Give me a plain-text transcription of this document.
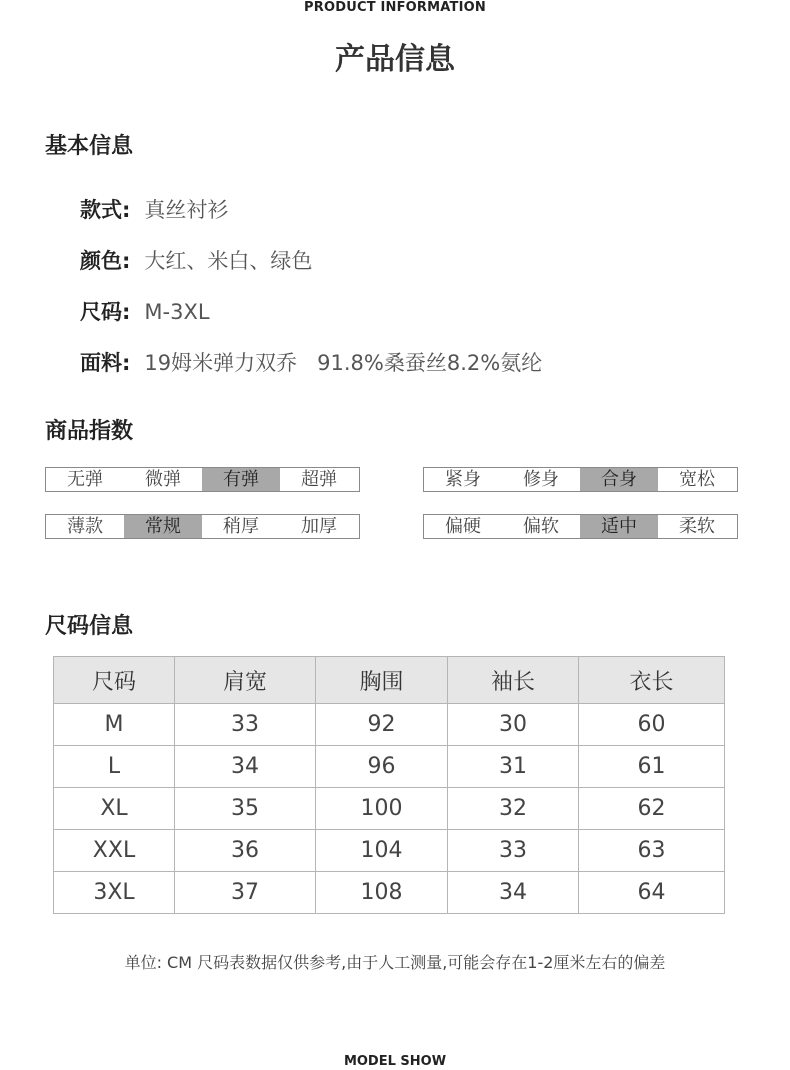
PRODUCT INFORMATION
产品信息
基本信息
款式: 真丝衬衫
颜色: 大红、米白、绿色
尺码: M-3XL
面料: 19姆米弹力双乔   91.8%桑蚕丝8.2%氨纶
商品指数
无弹	微弹	有弹	超弹	紧身	修身	合身	宽松
薄款	常规	稍厚	加厚	偏硬	偏软	适中	柔软
尺码信息
尺码	肩宽	胸围	袖长	衣长
M	33	92	30	60
L	34	96	31	61
XL	35	100	32	62
XXL	36	104	33	63
3XL	37	108	34	64
单位: CM 尺码表数据仅供参考,由于人工测量,可能会存在1-2厘米左右的偏差
MODEL SHOW
